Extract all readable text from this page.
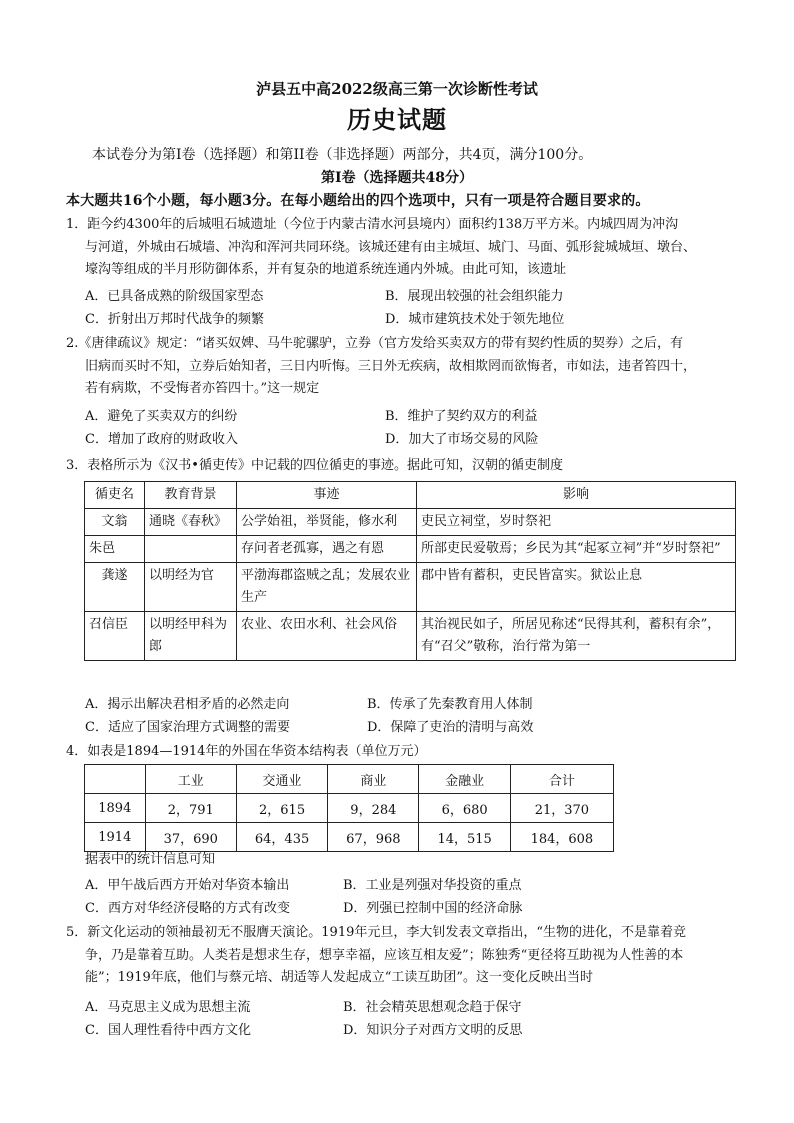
泸县五中高2022级高三第一次诊断性考试
历史试题
本试卷分为第I卷（选择题）和第II卷（非选择题）两部分，共4页，满分100分。
第I卷（选择题共48分）
本大题共16个小题，每小题3分。在每小题给出的四个选项中，只有一项是符合题目要求的。

1．距今约4300年的后城咀石城遗址（今位于内蒙古清水河县境内）面积约138万平方米。内城四周为冲沟

与河道，外城由石城墙、冲沟和浑河共同环绕。该城还建有由主城垣、城门、马面、弧形瓮城城垣、墩台、

壕沟等组成的半月形防御体系，并有复杂的地道系统连通内外城。由此可知，该遗址

A．已具备成熟的阶级国家型态	B．展现出较强的社会组织能力
C．折射出万邦时代战争的频繁	D．城市建筑技术处于领先地位

2.《唐律疏议》规定：“诸买奴婢、马牛驼骡驴，立券（官方发给买卖双方的带有契约性质的契券）之后，有

旧病而买时不知，立券后始知者，三日内听悔。三日外无疾病，故相欺罔而欲悔者，市如法，违者笞四十，

若有病欺，不受悔者亦笞四十。”这一规定

A．避免了买卖双方的纠纷	B．维护了契约双方的利益
C．增加了政府的财政收入	D．加大了市场交易的风险

3．表格所示为《汉书•循吏传》中记载的四位循吏的事迹。据此可知，汉朝的循吏制度

循吏名	教育背景	事迹	影响
文翁	通晓《春秋》	公学始祖，举贤能，修水利	吏民立祠堂，岁时祭祀
朱邑		存问者老孤寡，遇之有恩	所部吏民爱敬焉；乡民为其“起冢立祠”并“岁时祭祀”
龚遂	以明经为官	平渤海郡盗贼之乱；发展农业生产	郡中皆有蓄积，吏民皆富实。狱讼止息
召信臣	以明经甲科为郎	农业、农田水利、社会风俗	其治视民如子，所居见称述“民得其利，蓄积有余”，有“召父”敬称，治行常为第一
A．揭示出解决君相矛盾的必然走向	B．传承了先秦教育用人体制
C．适应了国家治理方式调整的需要	D．保障了吏治的清明与高效

4．如表是1894—1914年的外国在华资本结构表（单位万元）

	工业	交通业	商业	金融业	合计
1894	2，791	2，615	9，284	6，680	21，370
1914	37，690	64，435	67，968	14，515	184，608

据表中的统计信息可知

A．甲午战后西方开始对华资本输出	B．工业是列强对华投资的重点
C．西方对华经济侵略的方式有改变	D．列强已控制中国的经济命脉

5．新文化运动的领袖最初无不服膺天演论。1919年元旦，李大钊发表文章指出，“生物的进化，不是靠着竞

争，乃是靠着互助。人类若是想求生存，想享幸福，应该互相友爱”；陈独秀“更径将互助视为人性善的本

能”；1919年底，他们与蔡元培、胡适等人发起成立“工读互助团”。这一变化反映出当时

A．马克思主义成为思想主流	B．社会精英思想观念趋于保守
C．国人理性看待中西方文化	D．知识分子对西方文明的反思
